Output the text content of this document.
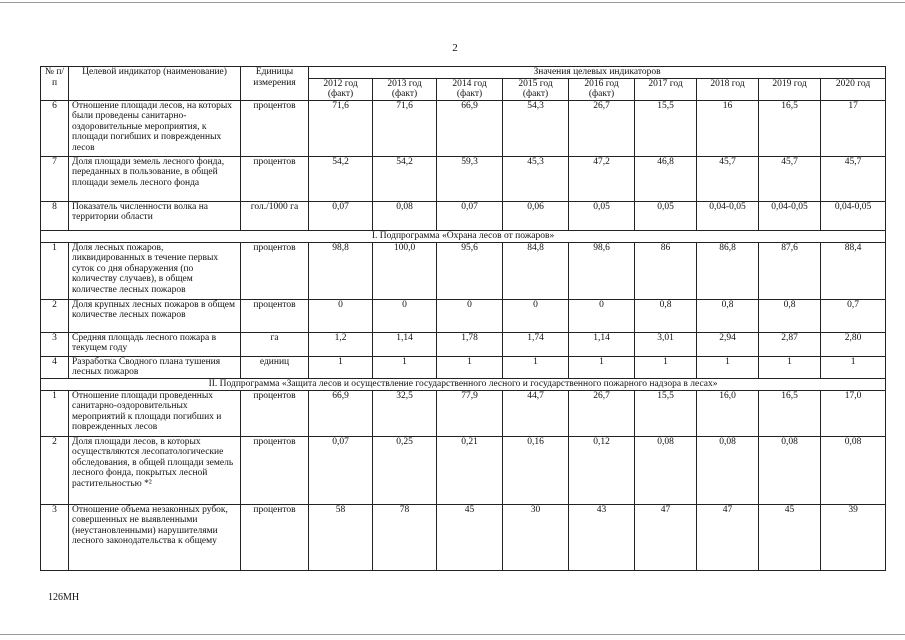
2
№ п/п	Целевой индикатор (наименование)	Единицы измерения	Значения целевых индикаторов								
			2012 год (факт)	2013 год (факт)	2014 год (факт)	2015 год (факт)	2016 год (факт)	2017 год	2018 год	2019 год	2020 год
6	Отношение площади лесов, на которых были проведены санитарно-оздоровительные мероприятия, к площади погибших и поврежденных лесов	процентов	71,6	71,6	66,9	54,3	26,7	15,5	16	16,5	17
7	Доля площади земель лесного фонда, переданных в пользование, в общей площади земель лесного фонда	процентов	54,2	54,2	59,3	45,3	47,2	46,8	45,7	45,7	45,7
8	Показатель численности волка на территории области	гол./1000 га	0,07	0,08	0,07	0,06	0,05	0,05	0,04-0,05	0,04-0,05	0,04-0,05
I. Подпрограмма «Охрана лесов от пожаров»											
1	Доля лесных пожаров, ликвидированных в течение первых суток со дня обнаружения (по количеству случаев), в общем количестве лесных пожаров	процентов	98,8	100,0	95,6	84,8	98,6	86	86,8	87,6	88,4
2	Доля крупных лесных пожаров в общем количестве лесных пожаров	процентов	0	0	0	0	0	0,8	0,8	0,8	0,7
3	Средняя площадь лесного пожара в текущем году	га	1,2	1,14	1,78	1,74	1,14	3,01	2,94	2,87	2,80
4	Разработка Сводного плана тушения лесных пожаров	единиц	1	1	1	1	1	1	1	1	1
II. Подпрограмма «Защита лесов и осуществление государственного лесного и государственного пожарного надзора в лесах»											
1	Отношение площади проведенных санитарно-оздоровительных мероприятий к площади погибших и поврежденных лесов	процентов	66,9	32,5	77,9	44,7	26,7	15,5	16,0	16,5	17,0
2	Доля площади лесов, в которых осуществляются лесопатологические обследования, в общей площади земель лесного фонда, покрытых лесной растительностью *²	процентов	0,07	0,25	0,21	0,16	0,12	0,08	0,08	0,08	0,08
3	Отношение объема незаконных рубок, совершенных не выявленными (неустановленными) нарушителями лесного законодательства к общему	процентов	58	78	45	30	43	47	47	45	39
126МН
